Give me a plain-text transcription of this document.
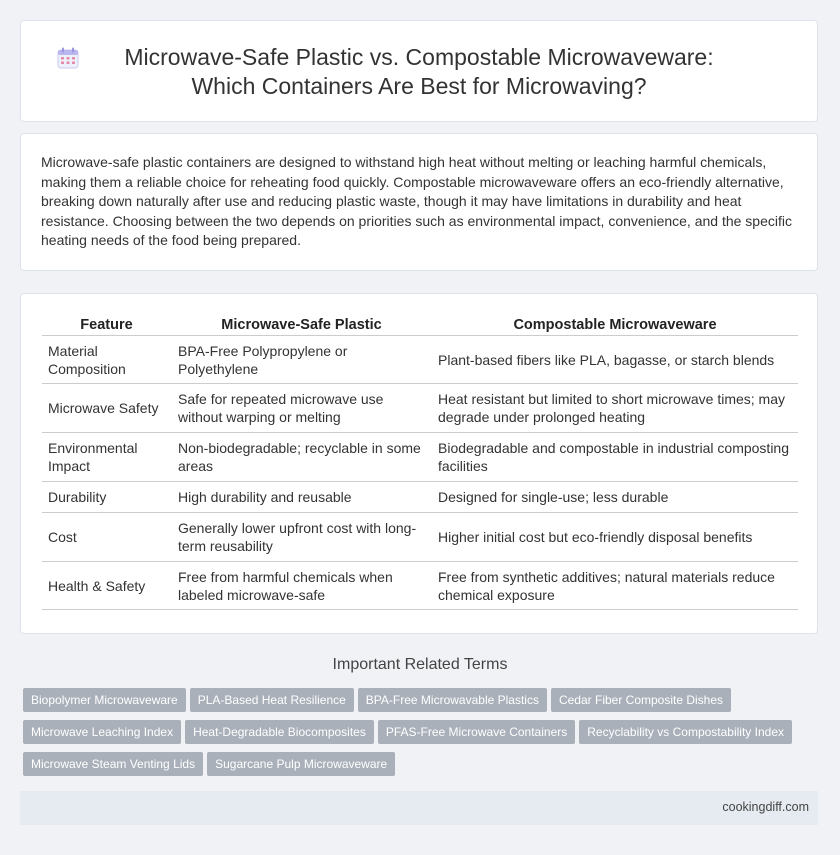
Microwave-Safe Plastic vs. Compostable Microwaveware: Which Containers Are Best for Microwaving?

Microwave-safe plastic containers are designed to withstand high heat without melting or leaching harmful chemicals, making them a reliable choice for reheating food quickly. Compostable microwaveware offers an eco-friendly alternative, breaking down naturally after use and reducing plastic waste, though it may have limitations in durability and heat resistance. Choosing between the two depends on priorities such as environmental impact, convenience, and the specific heating needs of the food being prepared.

Feature		Microwave-Safe Plastic		Compostable Microwaveware
Material Composition		BPA-Free Polypropylene or Polyethylene		Plant-based fibers like PLA, bagasse, or starch blends
Microwave Safety		Safe for repeated microwave use without warping or melting		Heat resistant but limited to short microwave times; may degrade under prolonged heating
Environmental Impact		Non-biodegradable; recyclable in some areas		Biodegradable and compostable in industrial composting facilities
Durability		High durability and reusable		Designed for single-use; less durable
Cost		Generally lower upfront cost with long-term reusability		Higher initial cost but eco-friendly disposal benefits
Health & Safety		Free from harmful chemicals when labeled microwave-safe		Free from synthetic additives; natural materials reduce chemical exposure
Important Related Terms
Biopolymer Microwaveware PLA-Based Heat Resilience BPA-Free Microwavable Plastics Cedar Fiber Composite Dishes
Microwave Leaching Index Heat-Degradable Biocomposites PFAS-Free Microwave Containers Recyclability vs Compostability Index
Microwave Steam Venting Lids Sugarcane Pulp Microwaveware
cookingdiff.com
